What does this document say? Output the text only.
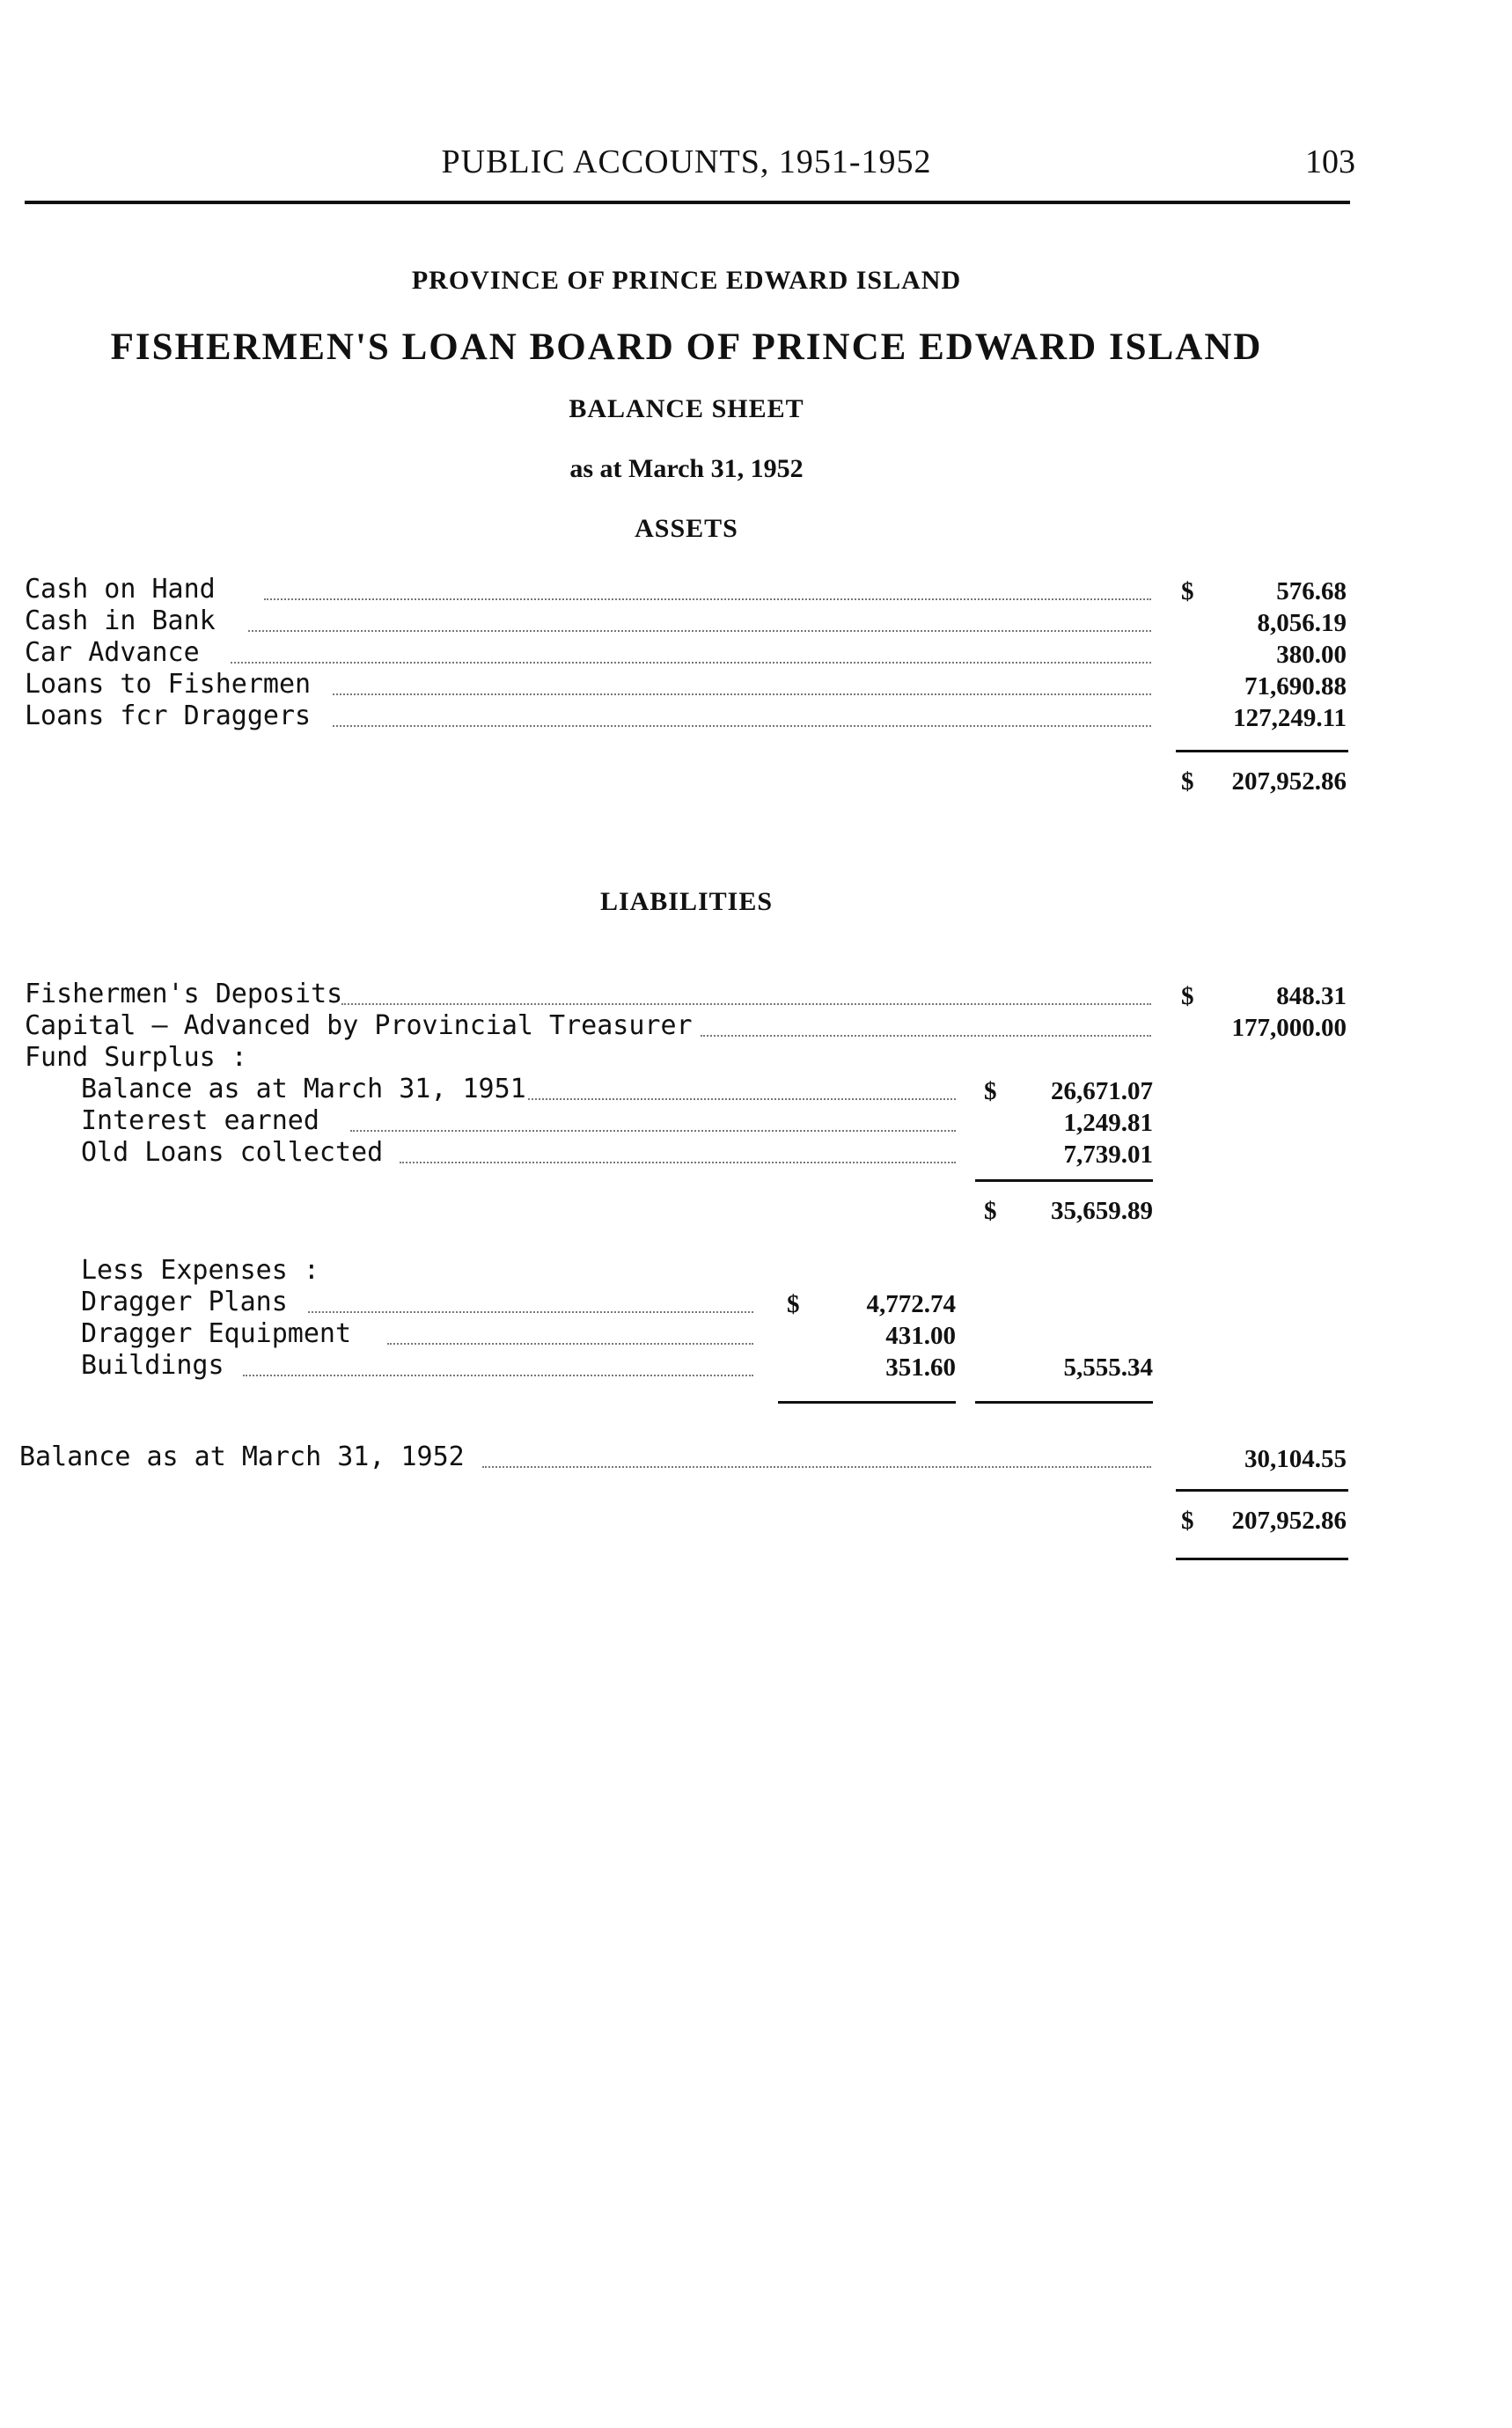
PUBLIC ACCOUNTS, 1951-1952	103
PROVINCE OF PRINCE EDWARD ISLAND
FISHERMEN'S LOAN BOARD OF PRINCE EDWARD ISLAND
BALANCE SHEET
as at March 31, 1952
ASSETS
Cash on Hand	$	576.68
Cash in Bank	8,056.19
Car Advance	380.00
Loans to Fishermen	71,690.88
Loans fcr Draggers	127,249.11
$	207,952.86
LIABILITIES
Fishermen's Deposits	$	848.31
Capital — Advanced by Provincial Treasurer	177,000.00
Fund Surplus :
Balance as at March 31, 1951	$	26,671.07
Interest earned	1,249.81
Old Loans collected	7,739.01
$	35,659.89
Less Expenses :
Dragger Plans	$	4,772.74
Dragger Equipment	431.00
Buildings	351.60	5,555.34
Balance as at March 31, 1952	30,104.55
$	207,952.86
